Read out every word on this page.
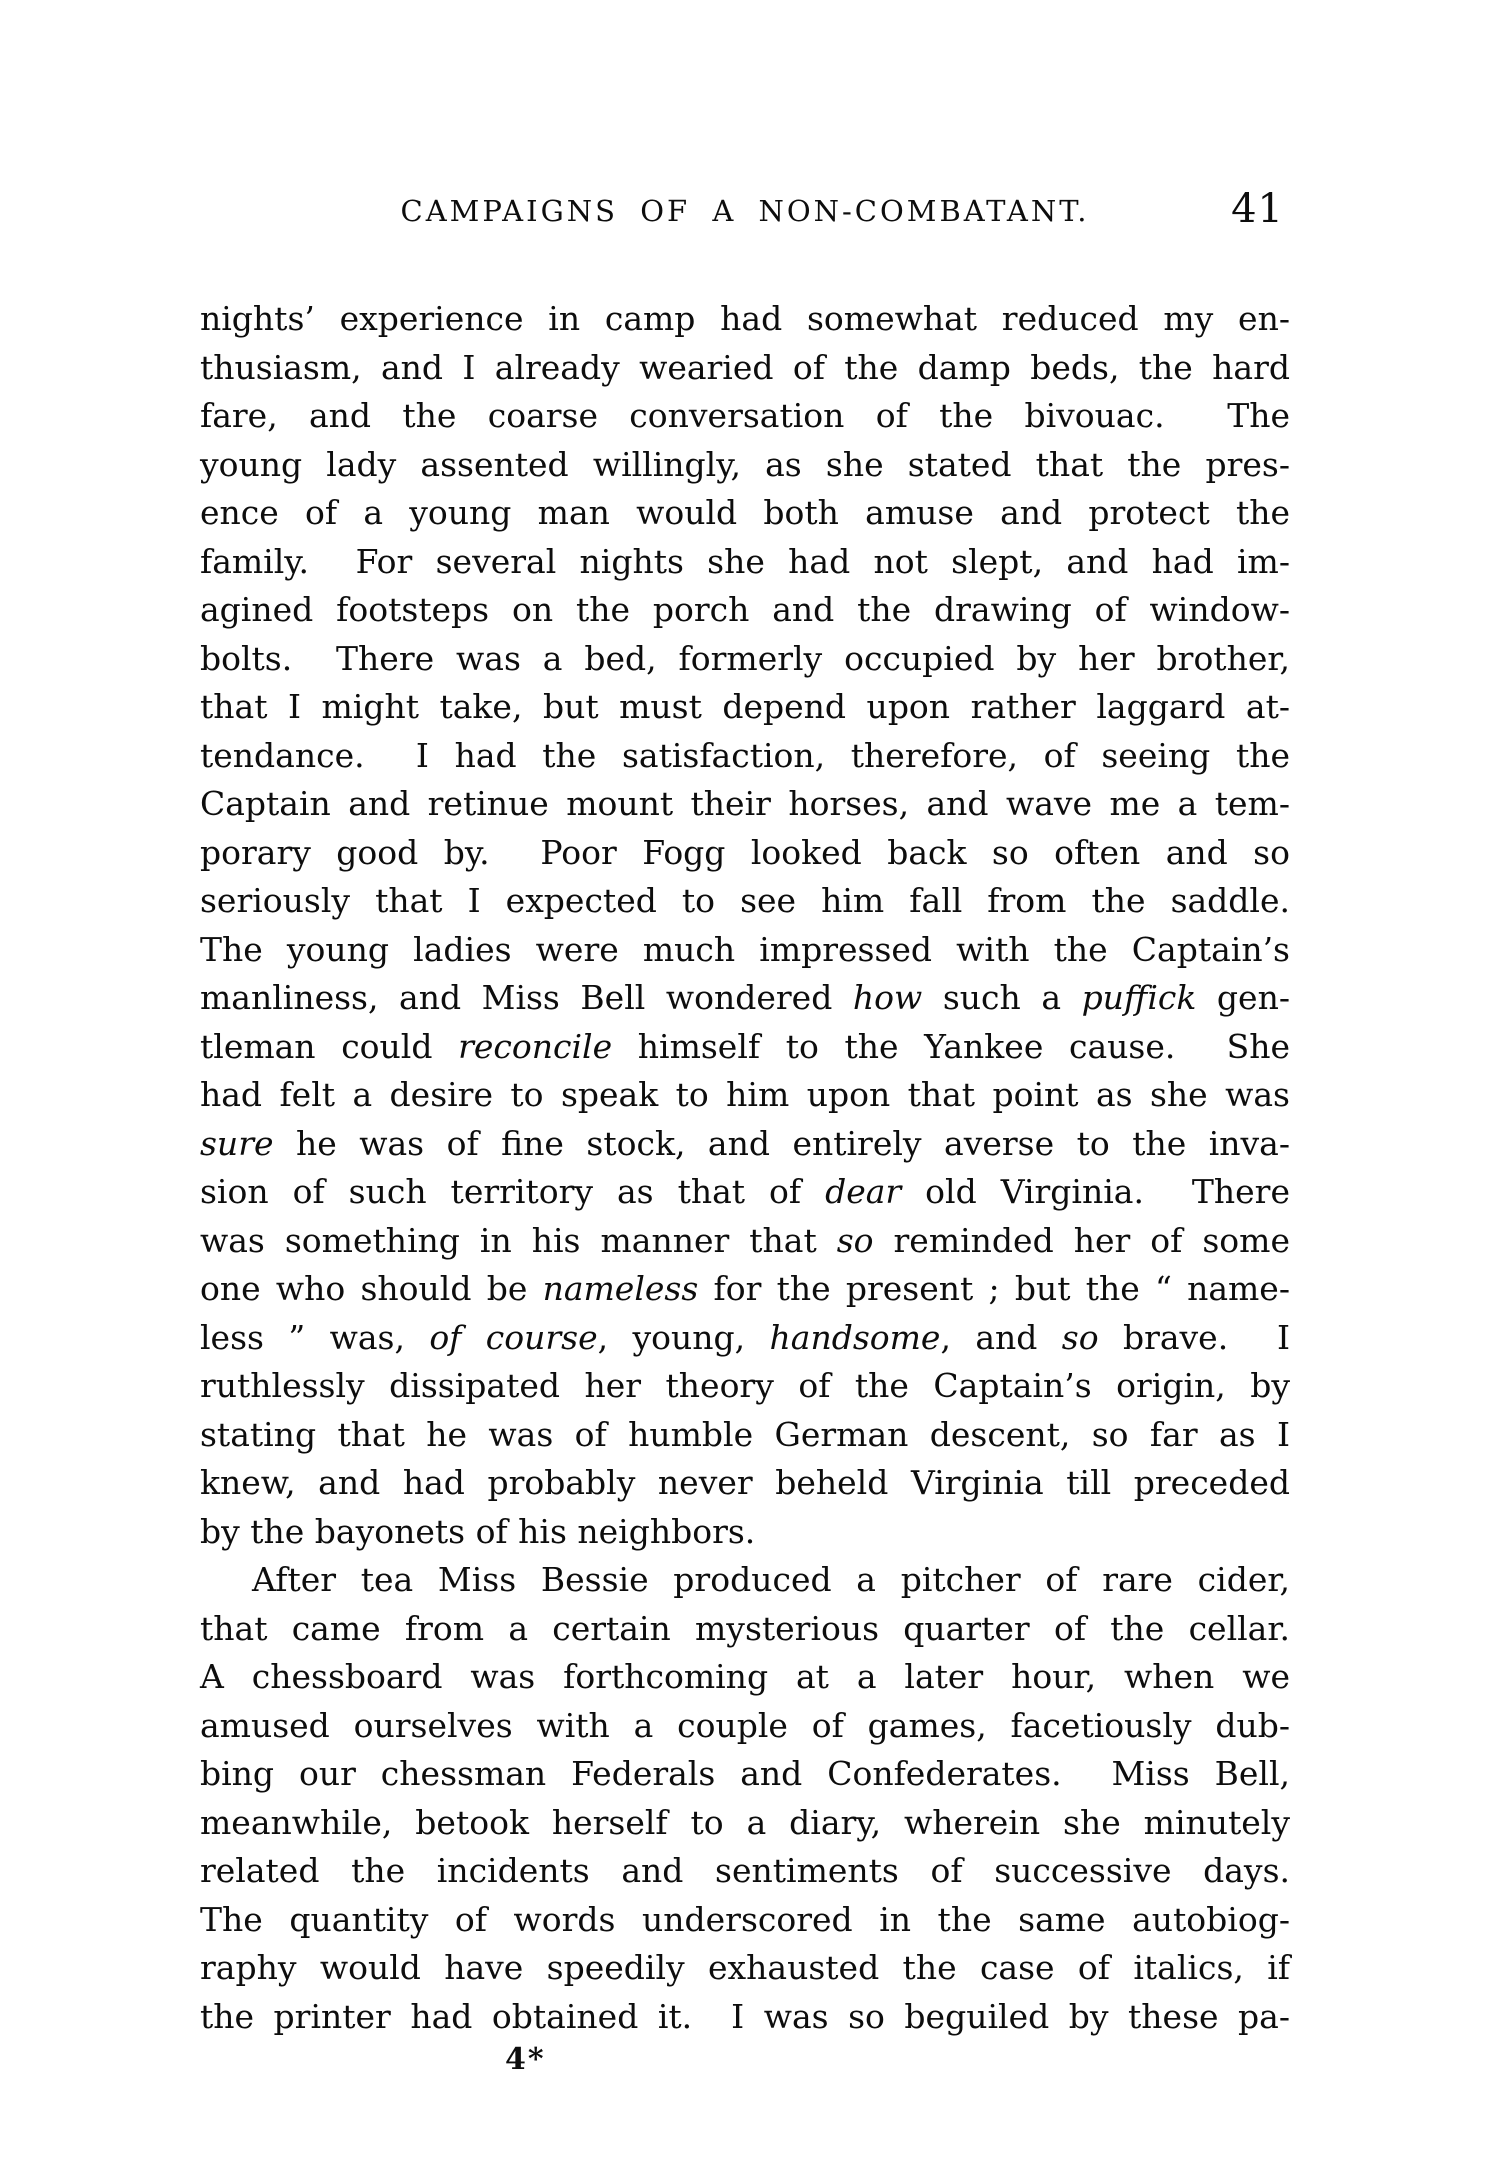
CAMPAIGNS OF A NON-COMBATANT.	41
nights’ experience in camp had somewhat reduced my en-
thusiasm, and I already wearied of the damp beds, the hard
fare, and the coarse conversation of the bivouac.  The
young lady assented willingly, as she stated that the pres-
ence of a young man would both amuse and protect the
family.  For several nights she had not slept, and had im-
agined footsteps on the porch and the drawing of window-
bolts.  There was a bed, formerly occupied by her brother,
that I might take, but must depend upon rather laggard at-
tendance.  I had the satisfaction, therefore, of seeing the
Captain and retinue mount their horses, and wave me a tem-
porary good by.  Poor Fogg looked back so often and so
seriously that I expected to see him fall from the saddle.
The young ladies were much impressed with the Captain’s
manliness, and Miss Bell wondered how such a puffick gen-
tleman could reconcile himself to the Yankee cause.  She
had felt a desire to speak to him upon that point as she was
sure he was of fine stock, and entirely averse to the inva-
sion of such territory as that of dear old Virginia.  There
was something in his manner that so reminded her of some
one who should be nameless for the present ; but the “ name-
less ” was, of course, young, handsome, and so brave.  I
ruthlessly dissipated her theory of the Captain’s origin, by
stating that he was of humble German descent, so far as I
knew, and had probably never beheld Virginia till preceded
by the bayonets of his neighbors.
After tea Miss Bessie produced a pitcher of rare cider,
that came from a certain mysterious quarter of the cellar.
A chessboard was forthcoming at a later hour, when we
amused ourselves with a couple of games, facetiously dub-
bing our chessman Federals and Confederates.  Miss Bell,
meanwhile, betook herself to a diary, wherein she minutely
related the incidents and sentiments of successive days.
The quantity of words underscored in the same autobiog-
raphy would have speedily exhausted the case of italics, if
the printer had obtained it.  I was so beguiled by these pa-
4*
